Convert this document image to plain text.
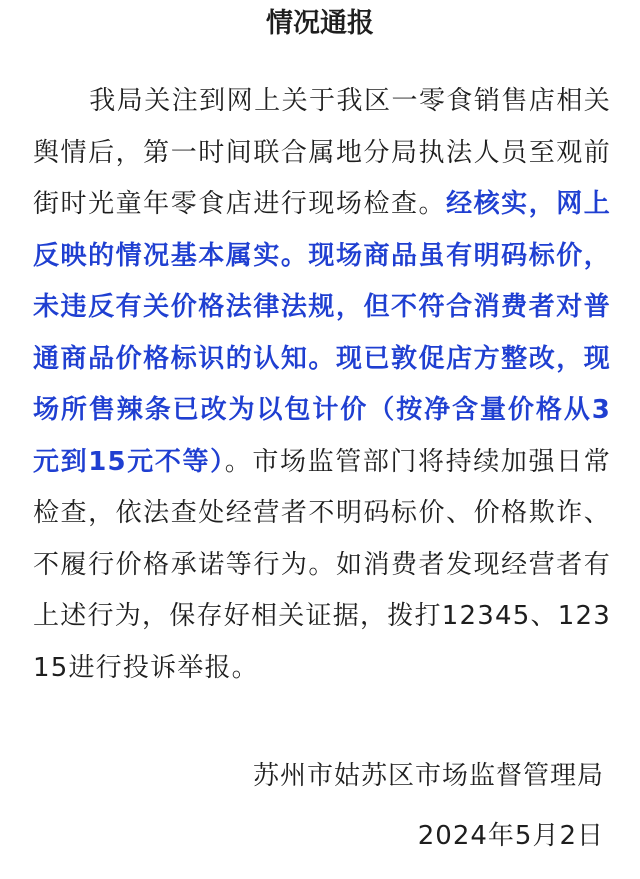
情况通报

我局关注到网上关于我区一零食销售店相关舆情后，第一时间联合属地分局执法人员至观前街时光童年零食店进行现场检查。经核实，网上反映的情况基本属实。现场商品虽有明码标价，未违反有关价格法律法规，但不符合消费者对普通商品价格标识的认知。现已敦促店方整改，现场所售辣条已改为以包计价（按净含量价格从3元到15元不等）。市场监管部门将持续加强日常检查，依法查处经营者不明码标价、价格欺诈、不履行价格承诺等行为。如消费者发现经营者有上述行为，保存好相关证据，拨打12345、12315进行投诉举报。

苏州市姑苏区市场监督管理局
2024年5月2日
